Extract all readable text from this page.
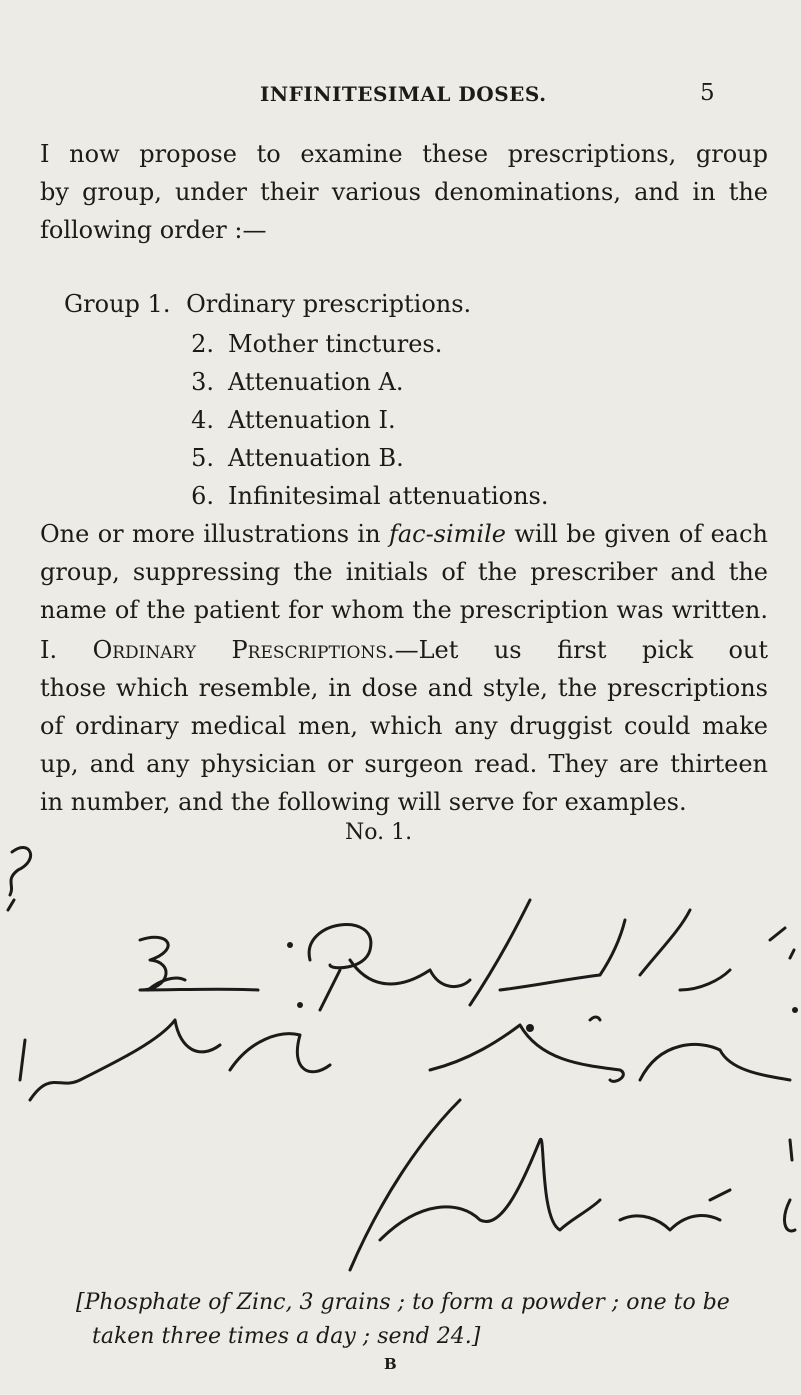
INFINITESIMAL DOSES.	5
I now propose to examine these prescriptions, group
by group, under their various denominations, and in the
following order :—
Group 1. Ordinary prescriptions.
2. Mother tinctures.
3. Attenuation A.
4. Attenuation I.
5. Attenuation B.
6. Infinitesimal attenuations.
One or more illustrations in fac-simile will be given of each
group, suppressing the initials of the prescriber and the
name of the patient for whom the prescription was written.
I. Ordinary Prescriptions.—Let us first pick out
those which resemble, in dose and style, the prescriptions
of ordinary medical men, which any druggist could make
up, and any physician or surgeon read. They are thirteen
in number, and the following will serve for examples.
No. 1.
[Phosphate of Zinc, 3 grains ; to form a powder ; one to be
taken three times a day ; send 24.]
B
